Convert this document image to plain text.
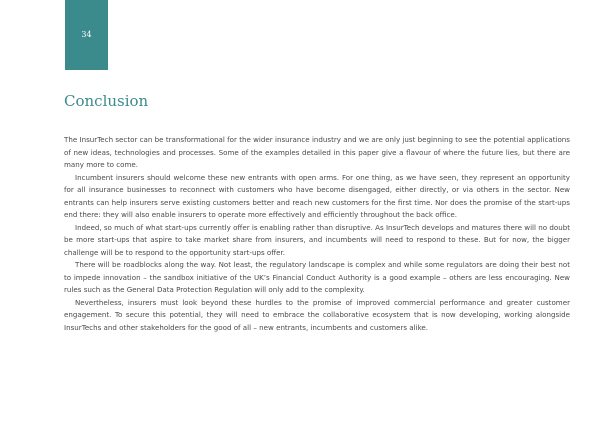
34
Conclusion

The InsurTech sector can be transformational for the wider insurance industry and we are only just beginning to see the potential applications of new ideas, technologies and processes. Some of the examples detailed in this paper give a flavour of where the future lies, but there are many more to come.

Incumbent insurers should welcome these new entrants with open arms. For one thing, as we have seen, they represent an opportunity for all insurance businesses to reconnect with customers who have become disengaged, either directly, or via others in the sector. New entrants can help insurers serve existing customers better and reach new customers for the first time. Nor does the promise of the start-ups end there: they will also enable insurers to operate more effectively and efficiently throughout the back office.

Indeed, so much of what start-ups currently offer is enabling rather than disruptive. As InsurTech develops and matures there will no doubt be more start-ups that aspire to take market share from insurers, and incumbents will need to respond to these. But for now, the bigger challenge will be to respond to the opportunity start-ups offer.

There will be roadblocks along the way. Not least, the regulatory landscape is complex and while some regulators are doing their best not to impede innovation – the sandbox initiative of the UK’s Financial Conduct Authority is a good example – others are less encouraging. New rules such as the General Data Protection Regulation will only add to the complexity.

Nevertheless, insurers must look beyond these hurdles to the promise of improved commercial performance and greater customer engagement. To secure this potential, they will need to embrace the collaborative ecosystem that is now developing, working alongside InsurTechs and other stakeholders for the good of all – new entrants, incumbents and customers alike.
